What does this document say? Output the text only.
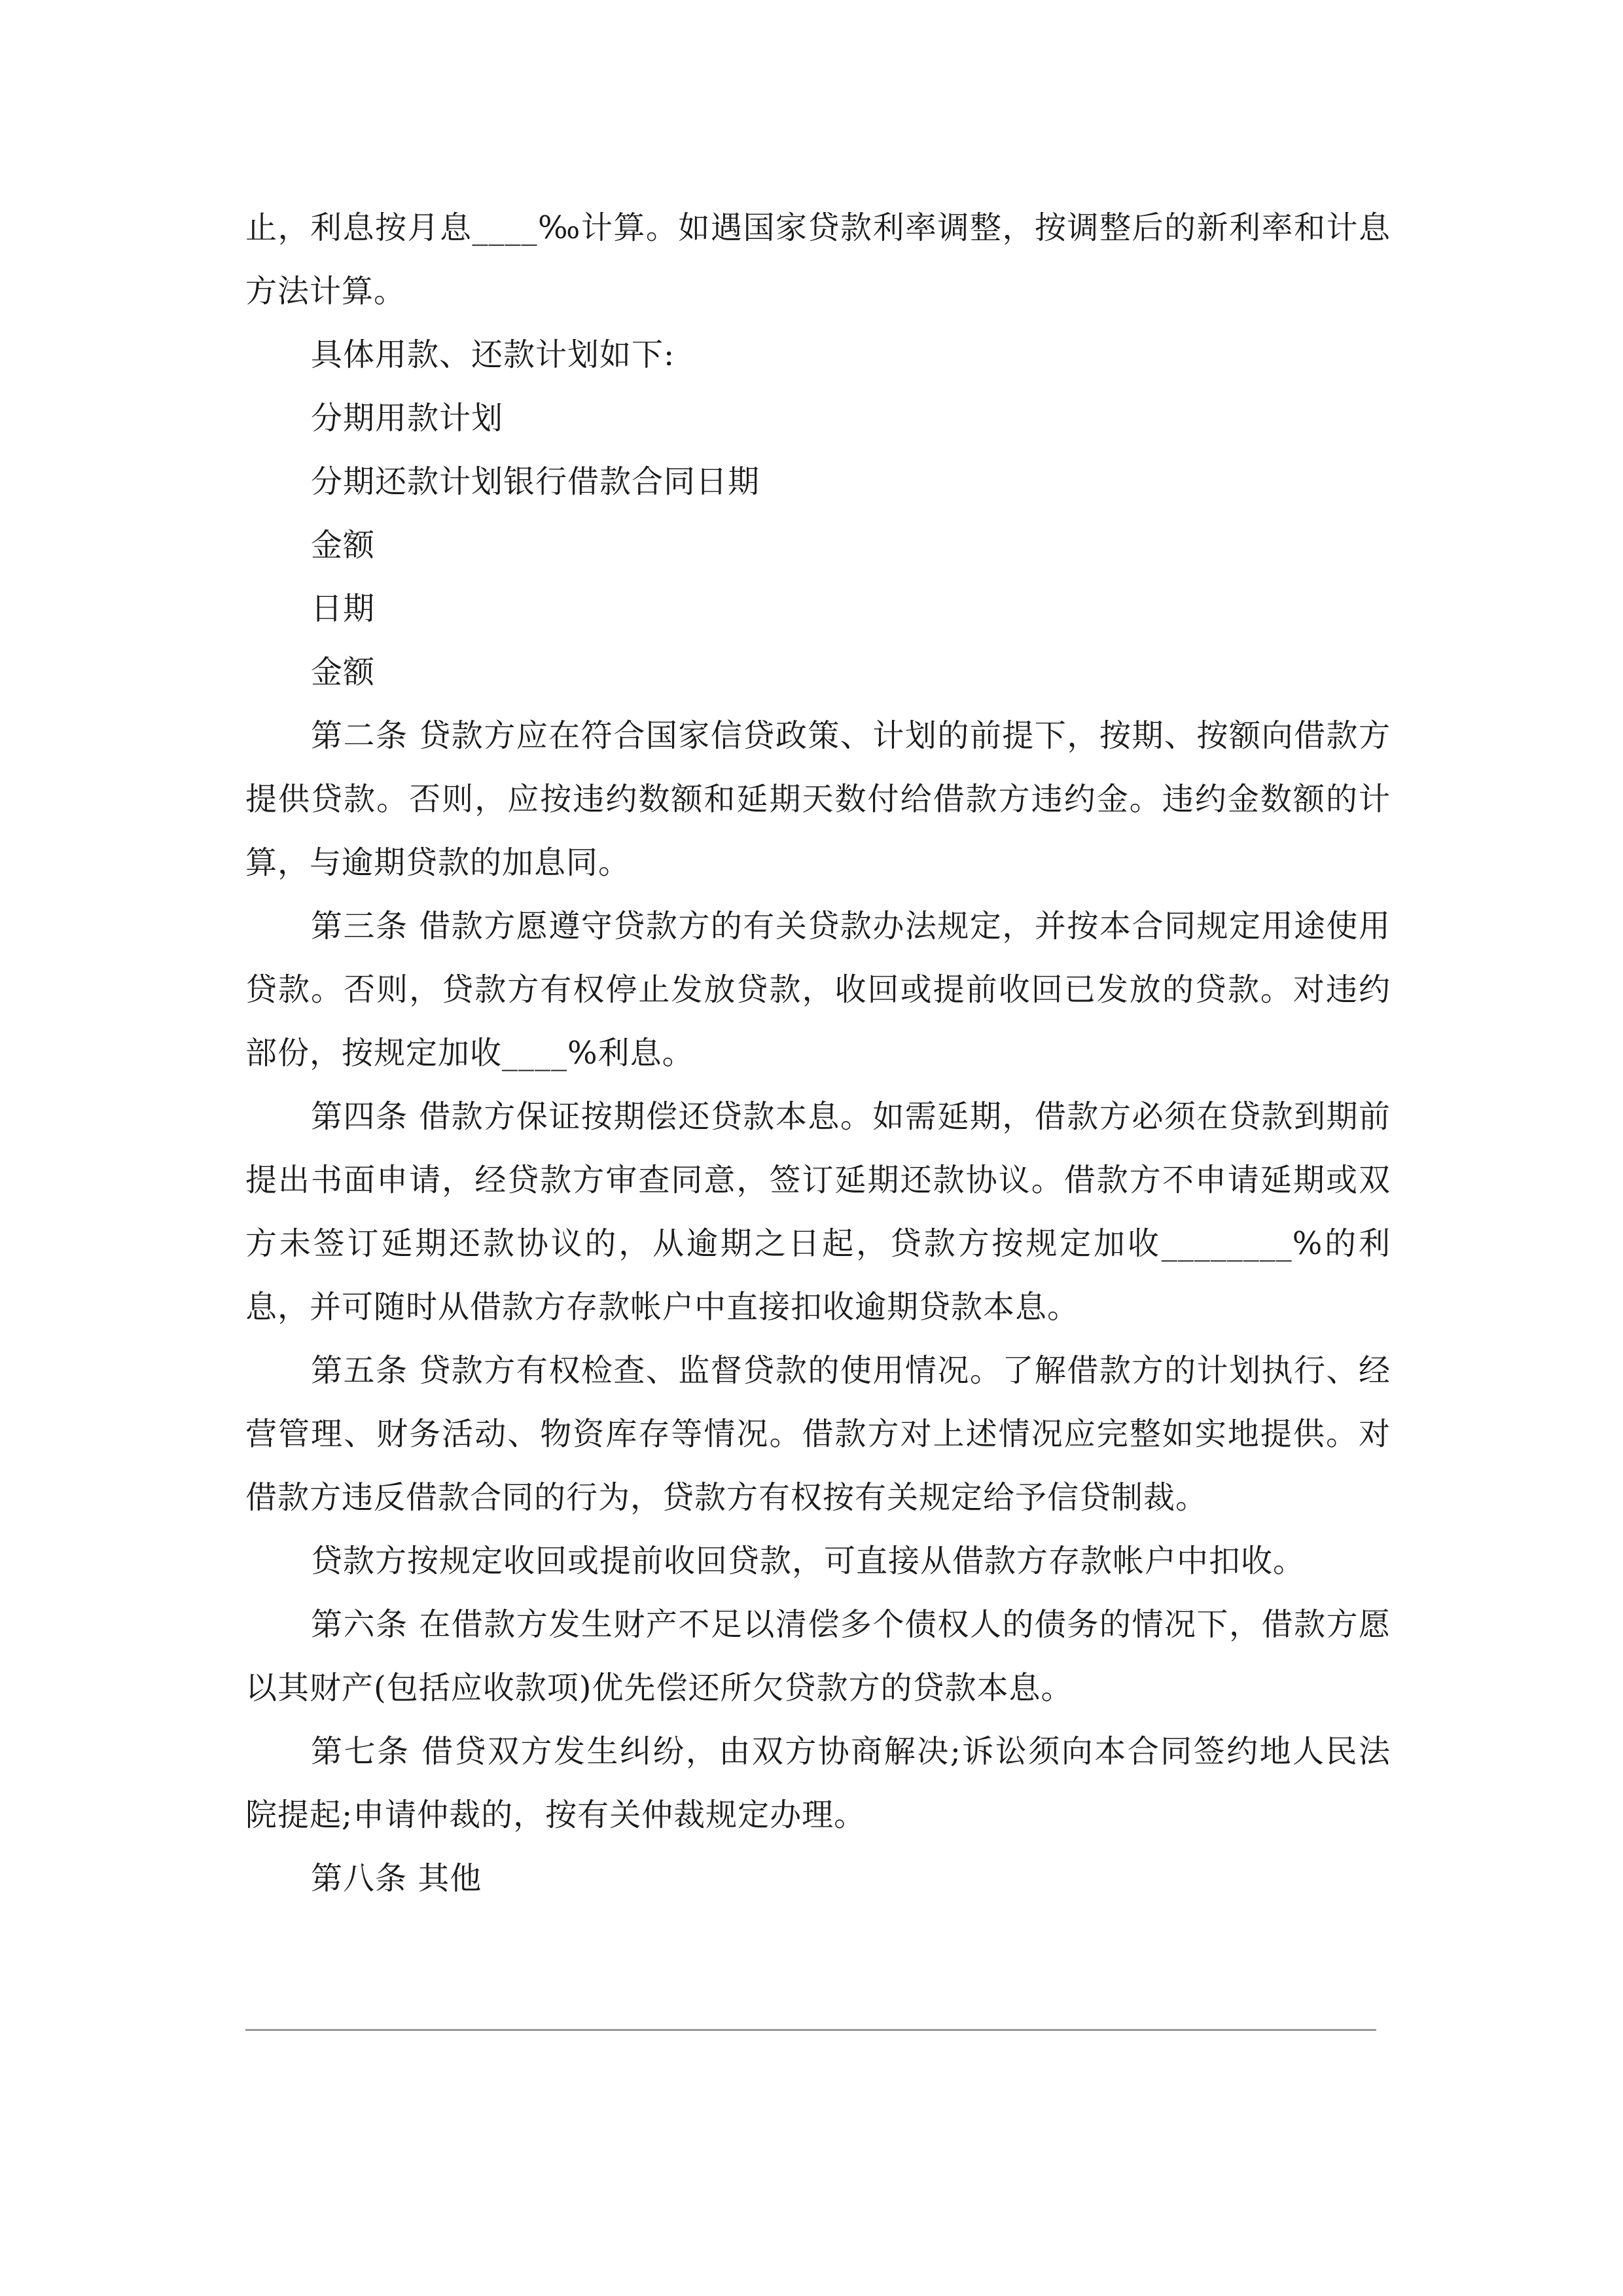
止，利息按月息____‰计算。如遇国家贷款利率调整，按调整后的新利率和计息方法计算。

具体用款、还款计划如下:

分期用款计划

分期还款计划银行借款合同日期

金额

日期

金额

第二条 贷款方应在符合国家信贷政策、计划的前提下，按期、按额向借款方提供贷款。否则，应按违约数额和延期天数付给借款方违约金。违约金数额的计算，与逾期贷款的加息同。

第三条 借款方愿遵守贷款方的有关贷款办法规定，并按本合同规定用途使用贷款。否则，贷款方有权停止发放贷款，收回或提前收回已发放的贷款。对违约部份，按规定加收____%利息。

第四条 借款方保证按期偿还贷款本息。如需延期，借款方必须在贷款到期前提出书面申请，经贷款方审查同意，签订延期还款协议。借款方不申请延期或双方未签订延期还款协议的，从逾期之日起，贷款方按规定加收________%的利息，并可随时从借款方存款帐户中直接扣收逾期贷款本息。

第五条 贷款方有权检查、监督贷款的使用情况。了解借款方的计划执行、经营管理、财务活动、物资库存等情况。借款方对上述情况应完整如实地提供。对借款方违反借款合同的行为，贷款方有权按有关规定给予信贷制裁。

贷款方按规定收回或提前收回贷款，可直接从借款方存款帐户中扣收。

第六条 在借款方发生财产不足以清偿多个债权人的债务的情况下，借款方愿以其财产(包括应收款项)优先偿还所欠贷款方的贷款本息。

第七条 借贷双方发生纠纷，由双方协商解决;诉讼须向本合同签约地人民法院提起;申请仲裁的，按有关仲裁规定办理。

第八条 其他
